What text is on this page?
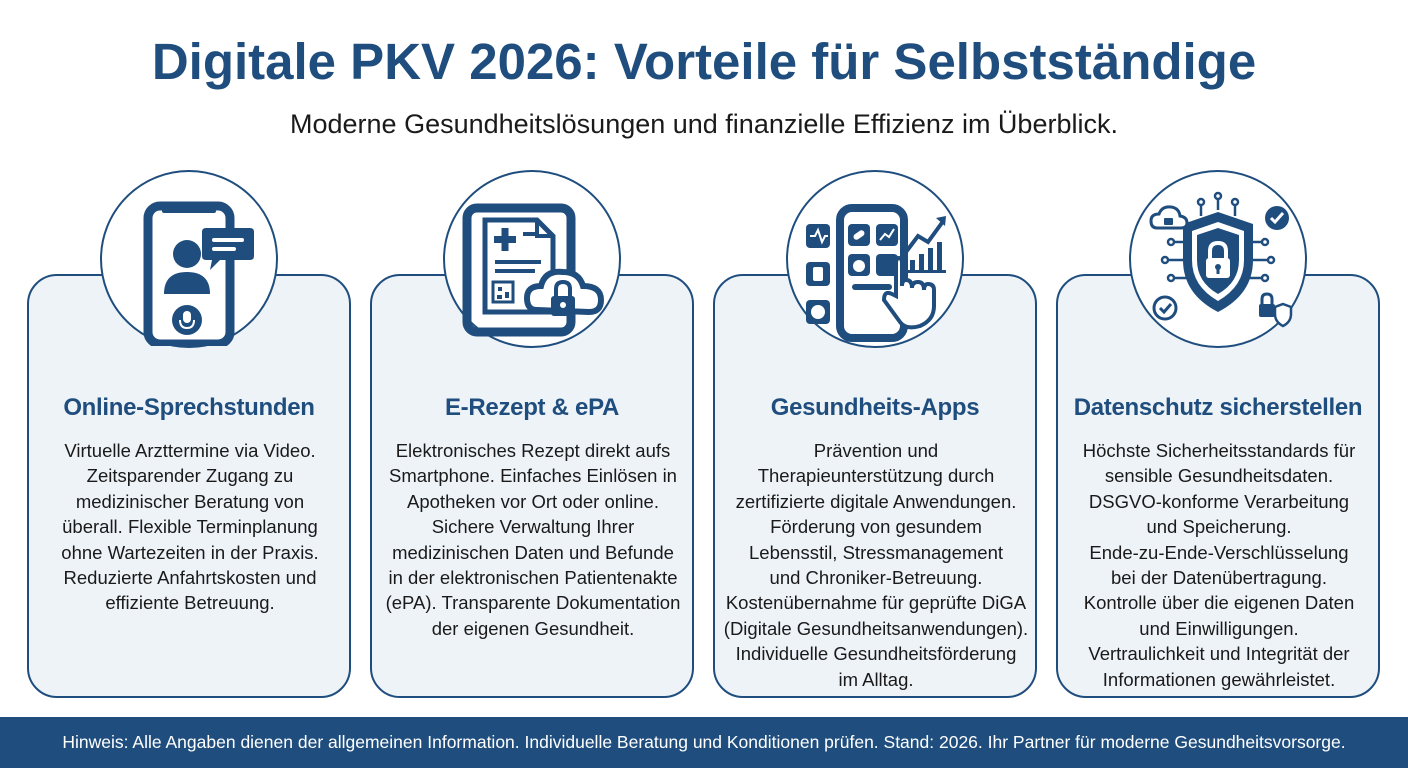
Digitale PKV 2026: Vorteile für Selbstständige
Moderne Gesundheitslösungen und finanzielle Effizienz im Überblick.
Online-Sprechstunden
Virtuelle Arzttermine via Video.
Zeitsparender Zugang zu
medizinischer Beratung von
überall. Flexible Terminplanung
ohne Wartezeiten in der Praxis.
Reduzierte Anfahrtskosten und
effiziente Betreuung.
E-Rezept & ePA
Elektronisches Rezept direkt aufs
Smartphone. Einfaches Einlösen in
Apotheken vor Ort oder online.
Sichere Verwaltung Ihrer
medizinischen Daten und Befunde
in der elektronischen Patientenakte
(ePA). Transparente Dokumentation
der eigenen Gesundheit.
Gesundheits-Apps
Prävention und
Therapieunterstützung durch
zertifizierte digitale Anwendungen.
Förderung von gesundem
Lebensstil, Stressmanagement
und Chroniker-Betreuung.
Kostenübernahme für geprüfte DiGA
(Digitale Gesundheitsanwendungen).
Individuelle Gesundheitsförderung
im Alltag.
Datenschutz sicherstellen
Höchste Sicherheitsstandards für
sensible Gesundheitsdaten.
DSGVO-konforme Verarbeitung
und Speicherung.
Ende-zu-Ende-Verschlüsselung
bei der Datenübertragung.
Kontrolle über die eigenen Daten
und Einwilligungen.
Vertraulichkeit und Integrität der
Informationen gewährleistet.
Hinweis: Alle Angaben dienen der allgemeinen Information. Individuelle Beratung und Konditionen prüfen. Stand: 2026. Ihr Partner für moderne Gesundheitsvorsorge.
